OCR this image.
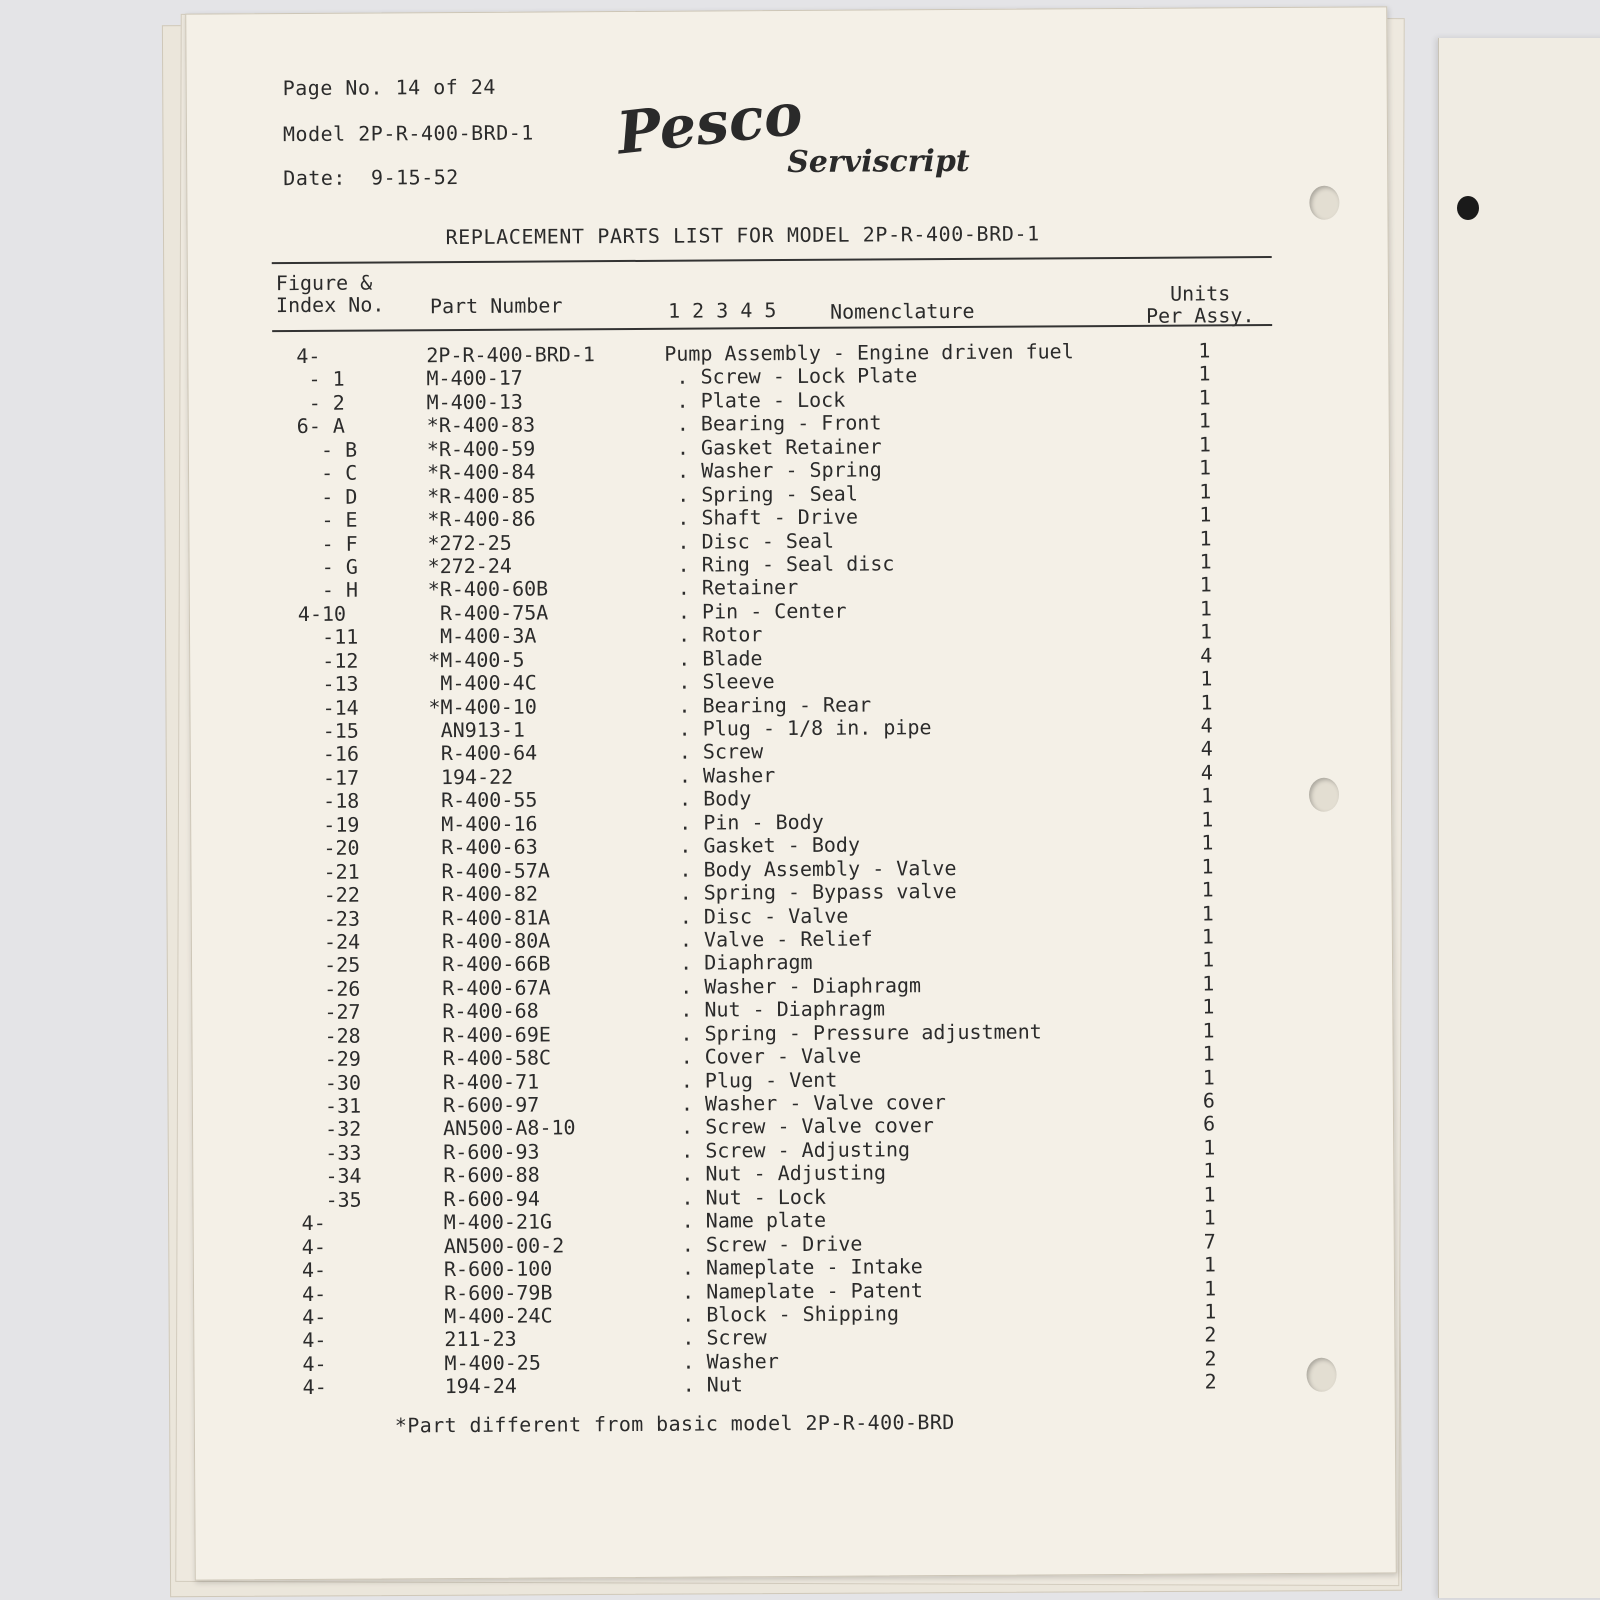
Page No. 14 of 24
Model 2P-R-400-BRD-1
Date:  9-15-52
Pesco
Serviscript
REPLACEMENT PARTS LIST FOR MODEL 2P-R-400-BRD-1
Figure &
Index No. Part Number	1 2 3 4 5	Nomenclature
Units
Per Assy.
4-	2P-R-400-BRD-1	Pump Assembly - Engine driven fuel	1
- 1	M-400-17	. Screw - Lock Plate	1
- 2	M-400-13	. Plate - Lock	1
6- A	*R-400-83	. Bearing - Front	1
- B	*R-400-59	. Gasket Retainer	1
- C	*R-400-84	. Washer - Spring	1
- D	*R-400-85	. Spring - Seal	1
- E	*R-400-86	. Shaft - Drive	1
- F	*272-25	. Disc - Seal	1
- G	*272-24	. Ring - Seal disc	1
- H	*R-400-60B	. Retainer	1
4-10	R-400-75A	. Pin - Center	1
-11	M-400-3A	. Rotor	1
-12	*M-400-5	. Blade	4
-13	M-400-4C	. Sleeve	1
-14	*M-400-10	. Bearing - Rear	1
-15	AN913-1	. Plug - 1/8 in. pipe	4
-16	R-400-64	. Screw	4
-17	194-22	. Washer	4
-18	R-400-55	. Body	1
-19	M-400-16	. Pin - Body	1
-20	R-400-63	. Gasket - Body	1
-21	R-400-57A	. Body Assembly - Valve	1
-22	R-400-82	. Spring - Bypass valve	1
-23	R-400-81A	. Disc - Valve	1
-24	R-400-80A	. Valve - Relief	1
-25	R-400-66B	. Diaphragm	1
-26	R-400-67A	. Washer - Diaphragm	1
-27	R-400-68	. Nut - Diaphragm	1
-28	R-400-69E	. Spring - Pressure adjustment	1
-29	R-400-58C	. Cover - Valve	1
-30	R-400-71	. Plug - Vent	1
-31	R-600-97	. Washer - Valve cover	6
-32	AN500-A8-10	. Screw - Valve cover	6
-33	R-600-93	. Screw - Adjusting	1
-34	R-600-88	. Nut - Adjusting	1
-35	R-600-94	. Nut - Lock	1
4-	M-400-21G	. Name plate	1
4-	AN500-00-2	. Screw - Drive	7
4-	R-600-100	. Nameplate - Intake	1
4-	R-600-79B	. Nameplate - Patent	1
4-	M-400-24C	. Block - Shipping	1
4-	211-23	. Screw	2
4-	M-400-25	. Washer	2
4-	194-24	. Nut	2
*Part different from basic model 2P-R-400-BRD
